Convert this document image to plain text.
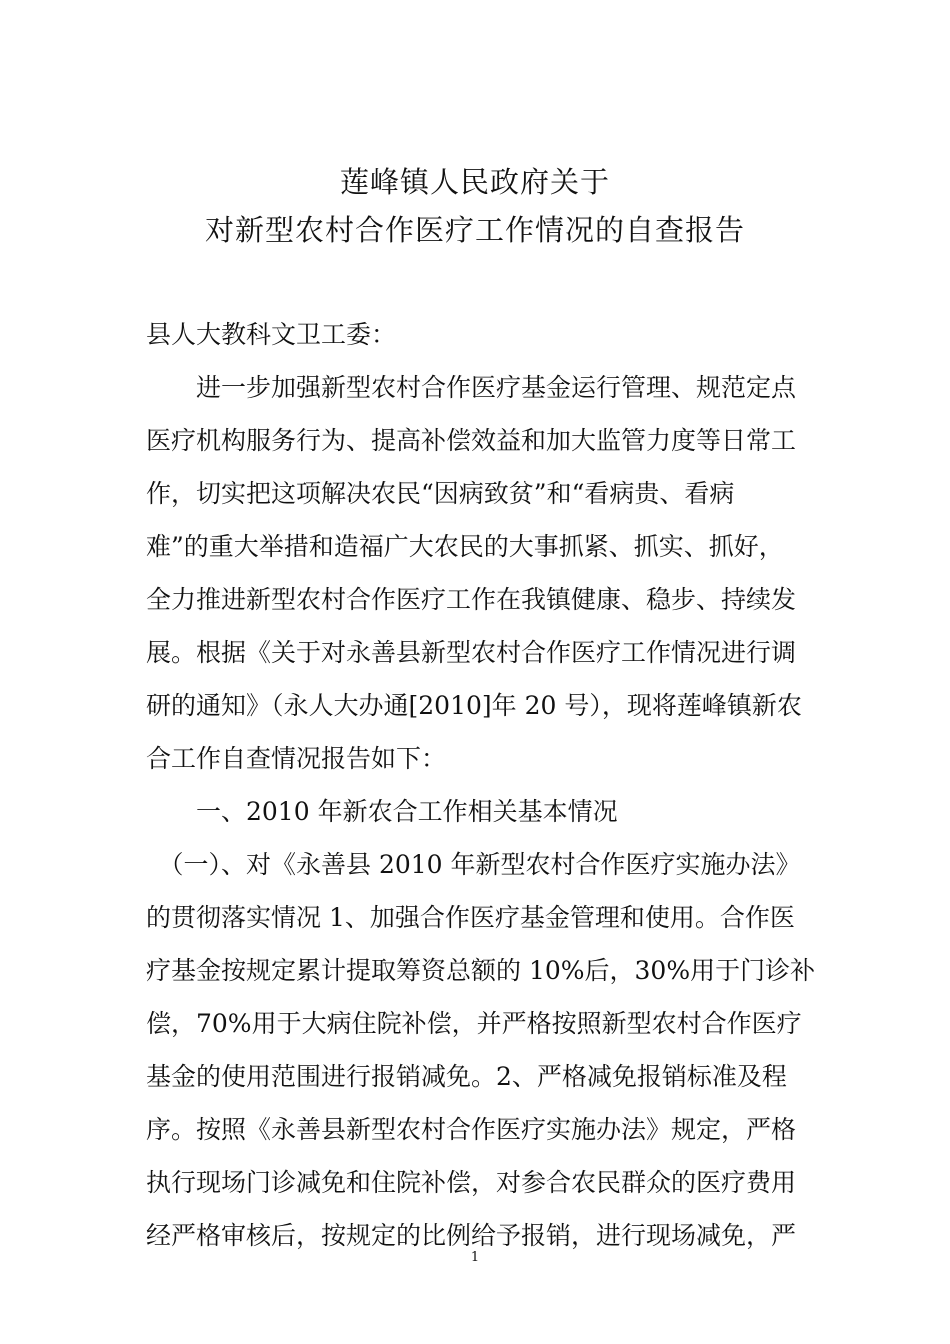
莲峰镇人民政府关于
对新型农村合作医疗工作情况的自查报告
县人大教科文卫工委：
　　进一步加强新型农村合作医疗基金运行管理、规范定点
医疗机构服务行为、提高补偿效益和加大监管力度等日常工
作，切实把这项解决农民“因病致贫”和“看病贵、看病
难”的重大举措和造福广大农民的大事抓紧、抓实、抓好，
全力推进新型农村合作医疗工作在我镇健康、稳步、持续发
展。根据《关于对永善县新型农村合作医疗工作情况进行调
研的通知》（永人大办通[2010]年 20 号），现将莲峰镇新农
合工作自查情况报告如下：
　　一、2010 年新农合工作相关基本情况
　（一）、对《永善县 2010 年新型农村合作医疗实施办法》
的贯彻落实情况 1、加强合作医疗基金管理和使用。合作医
疗基金按规定累计提取筹资总额的 10%后，30%用于门诊补
偿，70%用于大病住院补偿，并严格按照新型农村合作医疗
基金的使用范围进行报销减免。2、严格减免报销标准及程
序。按照《永善县新型农村合作医疗实施办法》规定，严格
执行现场门诊减免和住院补偿，对参合农民群众的医疗费用
经严格审核后，按规定的比例给予报销，进行现场减免，严
1
